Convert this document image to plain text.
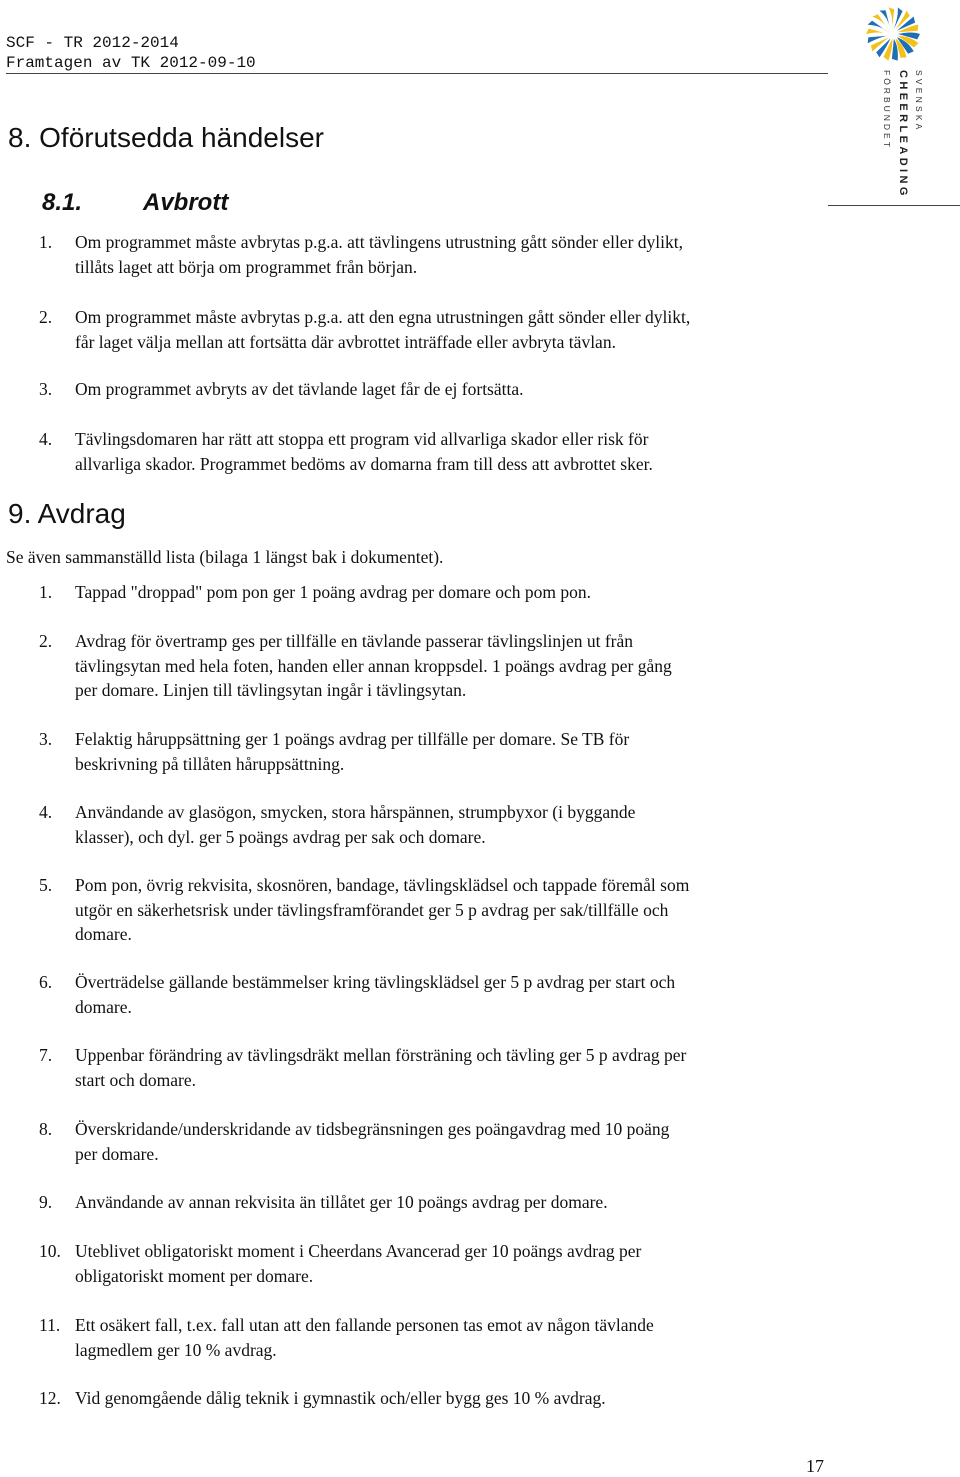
SCF - TR 2012-2014
Framtagen av TK 2012-09-10
SVENSKA
CHEERLEADING
FÖRBUNDET
8. Oförutsedda händelser
8.1.	Avbrott
1. Om programmet måste avbrytas p.g.a. att tävlingens utrustning gått sönder eller dylikt,
tillåts laget att börja om programmet från början.
2. Om programmet måste avbrytas p.g.a. att den egna utrustningen gått sönder eller dylikt,
får laget välja mellan att fortsätta där avbrottet inträffade eller avbryta tävlan.
3. Om programmet avbryts av det tävlande laget får de ej fortsätta.
4. Tävlingsdomaren har rätt att stoppa ett program vid allvarliga skador eller risk för
allvarliga skador. Programmet bedöms av domarna fram till dess att avbrottet sker.
9. Avdrag
Se även sammanställd lista (bilaga 1 längst bak i dokumentet).
1. Tappad "droppad" pom pon ger 1 poäng avdrag per domare och pom pon.
2. Avdrag för övertramp ges per tillfälle en tävlande passerar tävlingslinjen ut från
tävlingsytan med hela foten, handen eller annan kroppsdel. 1 poängs avdrag per gång
per domare. Linjen till tävlingsytan ingår i tävlingsytan.
3. Felaktig håruppsättning ger 1 poängs avdrag per tillfälle per domare. Se TB för
beskrivning på tillåten håruppsättning.
4. Användande av glasögon, smycken, stora hårspännen, strumpbyxor (i byggande
klasser), och dyl. ger 5 poängs avdrag per sak och domare.
5. Pom pon, övrig rekvisita, skosnören, bandage, tävlingsklädsel och tappade föremål som
utgör en säkerhetsrisk under tävlingsframförandet ger 5 p avdrag per sak/tillfälle och
domare.
6. Överträdelse gällande bestämmelser kring tävlingsklädsel ger 5 p avdrag per start och
domare.
7. Uppenbar förändring av tävlingsdräkt mellan försträning och tävling ger 5 p avdrag per
start och domare.
8. Överskridande/underskridande av tidsbegränsningen ges poängavdrag med 10 poäng
per domare.
9. Användande av annan rekvisita än tillåtet ger 10 poängs avdrag per domare.
10. Uteblivet obligatoriskt moment i Cheerdans Avancerad ger 10 poängs avdrag per
obligatoriskt moment per domare.
11. Ett osäkert fall, t.ex. fall utan att den fallande personen tas emot av någon tävlande
lagmedlem ger 10 % avdrag.
12. Vid genomgående dålig teknik i gymnastik och/eller bygg ges 10 % avdrag.
17
